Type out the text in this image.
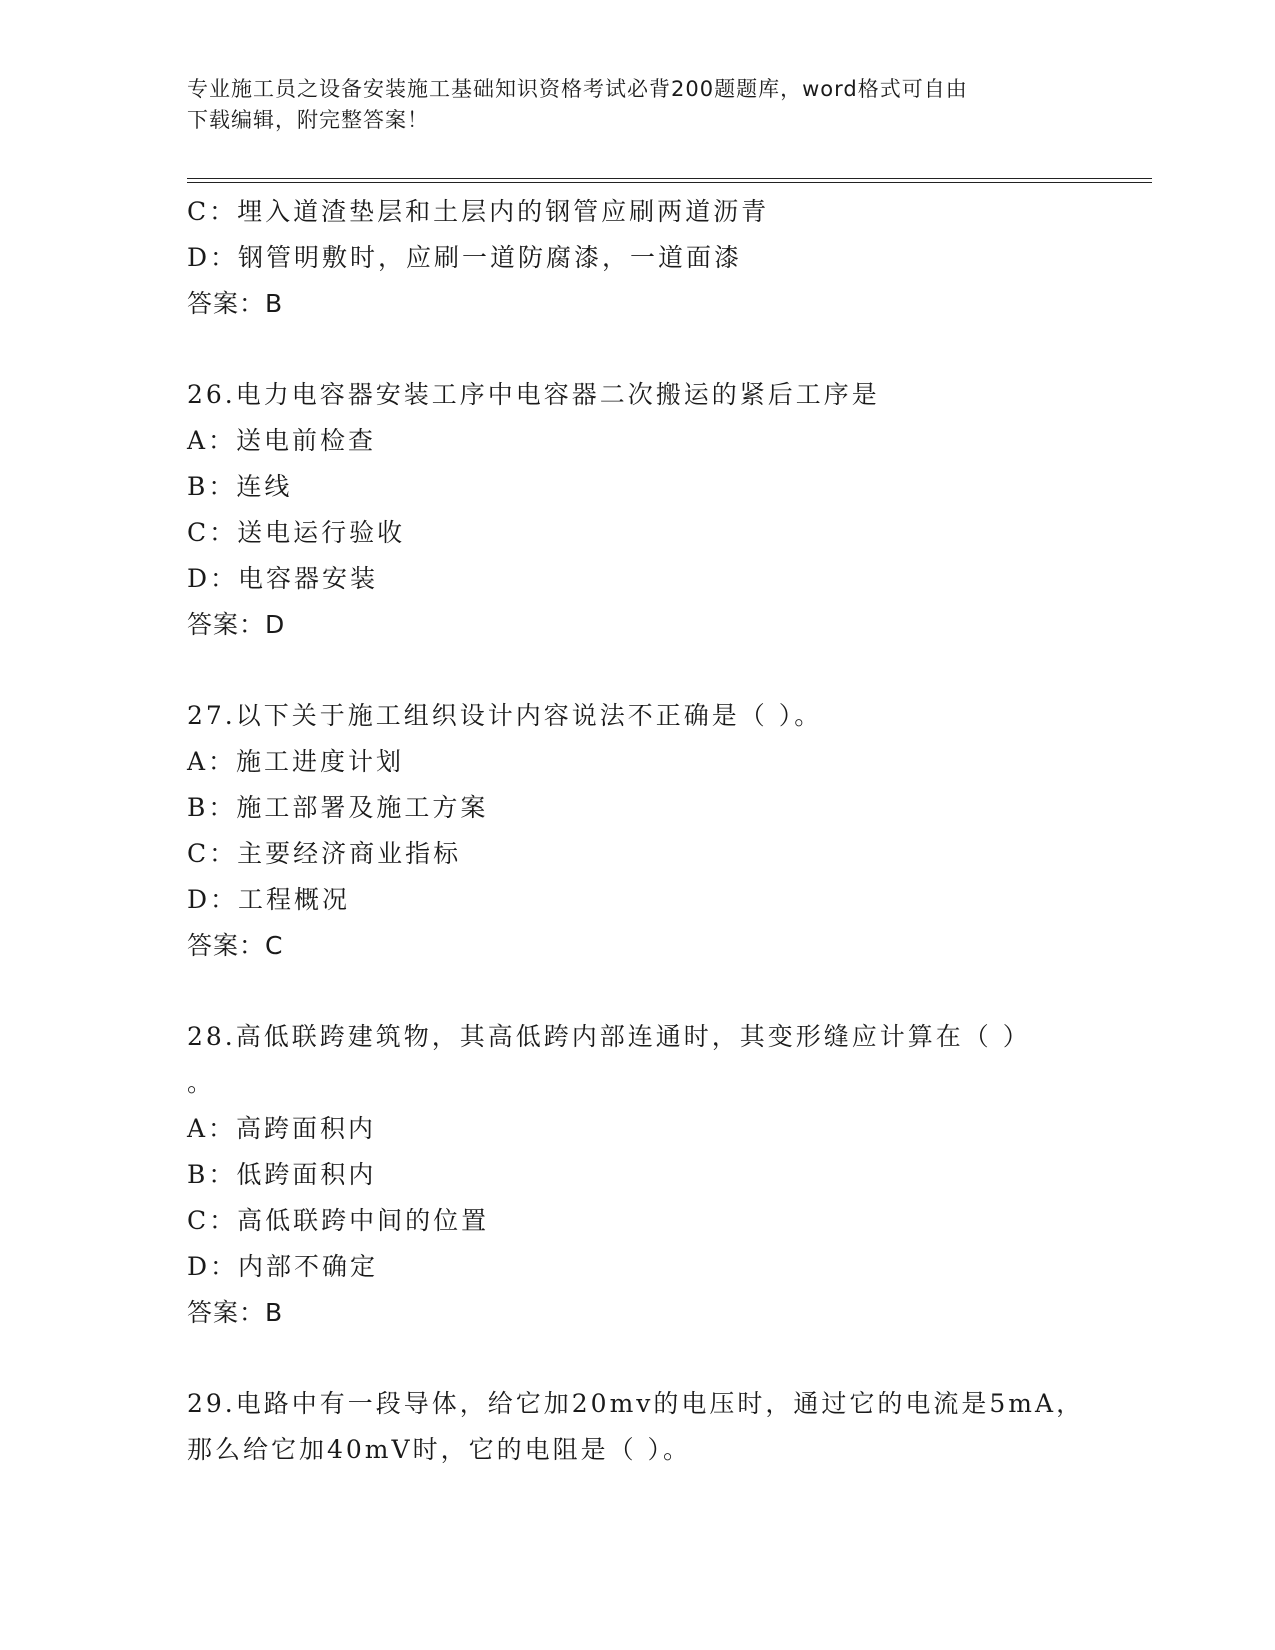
专业施工员之设备安装施工基础知识资格考试必背200题题库，word格式可自由
下载编辑，附完整答案！
C：埋入道渣垫层和土层内的钢管应刷两道沥青
D：钢管明敷时，应刷一道防腐漆，一道面漆
答案：B
26.电力电容器安装工序中电容器二次搬运的紧后工序是
A：送电前检查
B：连线
C：送电运行验收
D：电容器安装
答案：D
27.以下关于施工组织设计内容说法不正确是（ ）。
A：施工进度计划
B：施工部署及施工方案
C：主要经济商业指标
D：工程概况
答案：C
28.高低联跨建筑物，其高低跨内部连通时，其变形缝应计算在（ ）
。
A：高跨面积内
B：低跨面积内
C：高低联跨中间的位置
D：内部不确定
答案：B
29.电路中有一段导体，给它加20mv的电压时，通过它的电流是5mA，
那么给它加40mV时，它的电阻是（ ）。
